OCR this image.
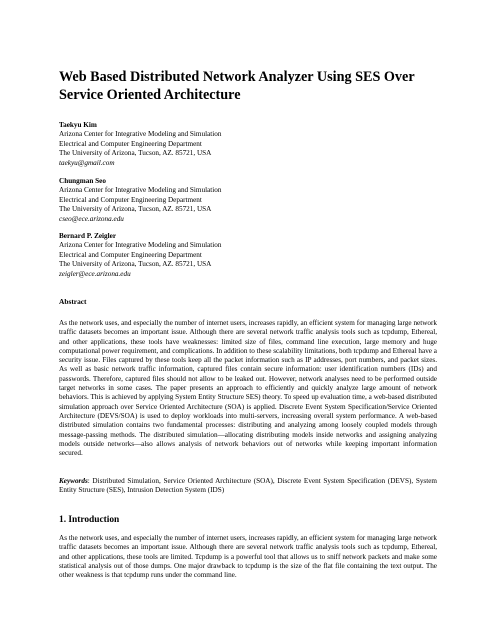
Web Based Distributed Network Analyzer Using SES Over Service Oriented Architecture
Taekyu Kim
Arizona Center for Integrative Modeling and Simulation
Electrical and Computer Engineering Department
The University of Arizona, Tucson, AZ. 85721, USA
taekyu@gmail.com
Chungman Seo
Arizona Center for Integrative Modeling and Simulation
Electrical and Computer Engineering Department
The University of Arizona, Tucson, AZ. 85721, USA
cseo@ece.arizona.edu
Bernard P. Zeigler
Arizona Center for Integrative Modeling and Simulation
Electrical and Computer Engineering Department
The University of Arizona, Tucson, AZ. 85721, USA
zeigler@ece.arizona.edu
Abstract

As the network uses, and especially the number of internet users, increases rapidly, an efficient system for managing large network traffic datasets becomes an important issue. Although there are several network traffic analysis tools such as tcpdump, Ethereal, and other applications, these tools have weaknesses: limited size of files, command line execution, large memory and huge computational power requirement, and complications. In addition to these scalability limitations, both tcpdump and Ethereal have a security issue. Files captured by these tools keep all the packet information such as IP addresses, port numbers, and packet sizes. As well as basic network traffic information, captured files contain secure information: user identification numbers (IDs) and passwords. Therefore, captured files should not allow to be leaked out. However, network analyses need to be performed outside target networks in some cases. The paper presents an approach to efficiently and quickly analyze large amount of network behaviors. This is achieved by applying System Entity Structure SES) theory. To speed up evaluation time, a web-based distributed simulation approach over Service Oriented Architecture (SOA) is applied. Discrete Event System Specification/Service Oriented Architecture (DEVS/SOA) is used to deploy workloads into multi-servers, increasing overall system performance. A web-based distributed simulation contains two fundamental processes: distributing and analyzing among loosely coupled models through message-passing methods. The distributed simulation—allocating distributing models inside networks and assigning analyzing models outside networks—also allows analysis of network behaviors out of networks while keeping important information secured.

Keywords: Distributed Simulation, Service Oriented Architecture (SOA), Discrete Event System Specification (DEVS), System Entity Structure (SES), Intrusion Detection System (IDS)

1. Introduction

As the network uses, and especially the number of internet users, increases rapidly, an efficient system for managing large network traffic datasets becomes an important issue. Although there are several network traffic analysis tools such as tcpdump, Ethereal, and other applications, these tools are limited. Tcpdump is a powerful tool that allows us to sniff network packets and make some statistical analysis out of those dumps. One major drawback to tcpdump is the size of the flat file containing the text output. The other weakness is that tcpdump runs under the command line.
